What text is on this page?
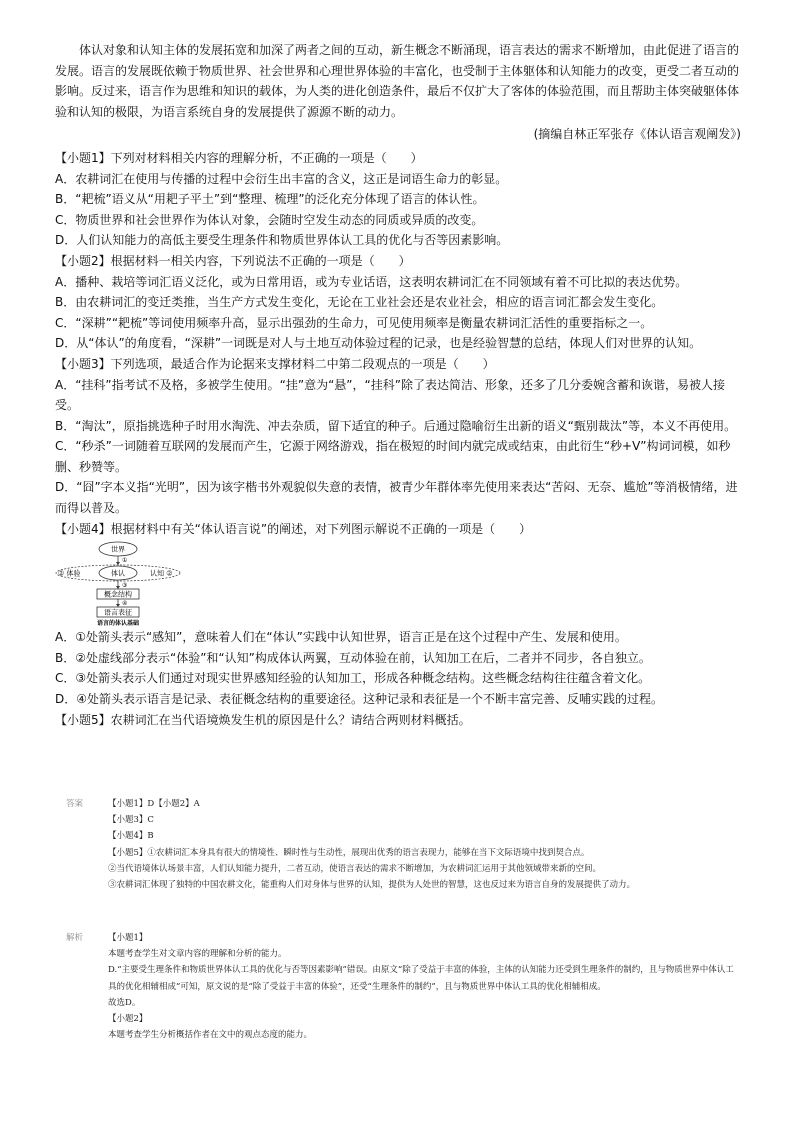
体认对象和认知主体的发展拓宽和加深了两者之间的互动，新生概念不断涌现，语言表达的需求不断增加，由此促进了语言的发展。语言的发展既依赖于物质世界、社会世界和心理世界体验的丰富化，也受制于主体躯体和认知能力的改变，更受二者互动的影响。反过来，语言作为思维和知识的载体，为人类的进化创造条件，最后不仅扩大了客体的体验范围，而且帮助主体突破躯体体验和认知的极限，为语言系统自身的发展提供了源源不断的动力。

(摘编自林正军张存《体认语言观阐发》)

【小题1】下列对材料相关内容的理解分析，不正确的一项是（　　）

A．农耕词汇在使用与传播的过程中会衍生出丰富的含义，这正是词语生命力的彰显。

B．“耙梳”语义从“用耙子平土”到“整理、梳理”的泛化充分体现了语言的体认性。

C．物质世界和社会世界作为体认对象，会随时空发生动态的同质或异质的改变。

D．人们认知能力的高低主要受生理条件和物质世界体认工具的优化与否等因素影响。

【小题2】根据材料一相关内容，下列说法不正确的一项是（　　）

A．播种、栽培等词汇语义泛化，或为日常用语，或为专业话语，这表明农耕词汇在不同领域有着不可比拟的表达优势。

B．由农耕词汇的变迁类推，当生产方式发生变化，无论在工业社会还是农业社会，相应的语言词汇都会发生变化。

C．“深耕”“耙梳”等词使用频率升高，显示出强劲的生命力，可见使用频率是衡量农耕词汇活性的重要指标之一。

D．从“体认”的角度看，“深耕”一词既是对人与土地互动体验过程的记录，也是经验智慧的总结，体现人们对世界的认知。

【小题3】下列选项，最适合作为论据来支撑材料二中第二段观点的一项是（　　）

A．“挂科”指考试不及格，多被学生使用。“挂”意为“悬”，“挂科”除了表达简洁、形象，还多了几分委婉含蓄和诙谐，易被人接受。

B．“淘汰”，原指挑选种子时用水淘洗、冲去杂质，留下适宜的种子。后通过隐喻衍生出新的语义“甄别裁汰”等，本义不再使用。

C．“秒杀”一词随着互联网的发展而产生，它源于网络游戏，指在极短的时间内就完成或结束，由此衍生“秒+V”构词词模，如秒删、秒赞等。

D．“囧”字本义指“光明”，因为该字楷书外观貌似失意的表情，被青少年群体率先使用来表达“苦闷、无奈、尴尬”等消极情绪，进而得以普及。

【小题4】根据材料中有关“体认语言说”的阐述，对下列图示解说不正确的一项是（　　）

世界
①
体认
② 体验	认知 ②
③
概念结构
④
语言表征
语言的体认基础

A．①处箭头表示“感知”，意味着人们在“体认”实践中认知世界，语言正是在这个过程中产生、发展和使用。

B．②处虚线部分表示“体验”和“认知”构成体认两翼，互动体验在前，认知加工在后，二者并不同步，各自独立。

C．③处箭头表示人们通过对现实世界感知经验的认知加工，形成各种概念结构。这些概念结构往往蕴含着文化。

D．④处箭头表示语言是记录、表征概念结构的重要途径。这种记录和表征是一个不断丰富完善、反哺实践的过程。

【小题5】农耕词汇在当代语境焕发生机的原因是什么？请结合两则材料概括。

答案	【小题1】D【小题2】A

【小题3】C

【小题4】B

【小题5】①农耕词汇本身具有很大的情境性、瞬时性与生动性，展现出优秀的语言表现力，能够在当下文际语境中找到契合点。

②当代语境体认场景丰富，人们认知能力提升，二者互动，使语言表达的需求不断增加，为农耕词汇运用于其他领域带来新的空间。

③农耕词汇体现了独特的中国农耕文化，能重构人们对身体与世界的认知，提供为人处世的智慧，这也反过来为语言自身的发展提供了动力。

解析	【小题1】

本题考查学生对文章内容的理解和分析的能力。

D.“主要受生理条件和物质世界体认工具的优化与否等因素影响”错误。由原文“除了受益于丰富的体验，主体的认知能力还受到生理条件的制约，且与物质世界中体认工具的优化相辅相成”可知，原文说的是“除了受益于丰富的体验”，还受“生理条件的制约”，且与物质世界中体认工具的优化相辅相成。

故选D。

【小题2】

本题考查学生分析概括作者在文中的观点态度的能力。
